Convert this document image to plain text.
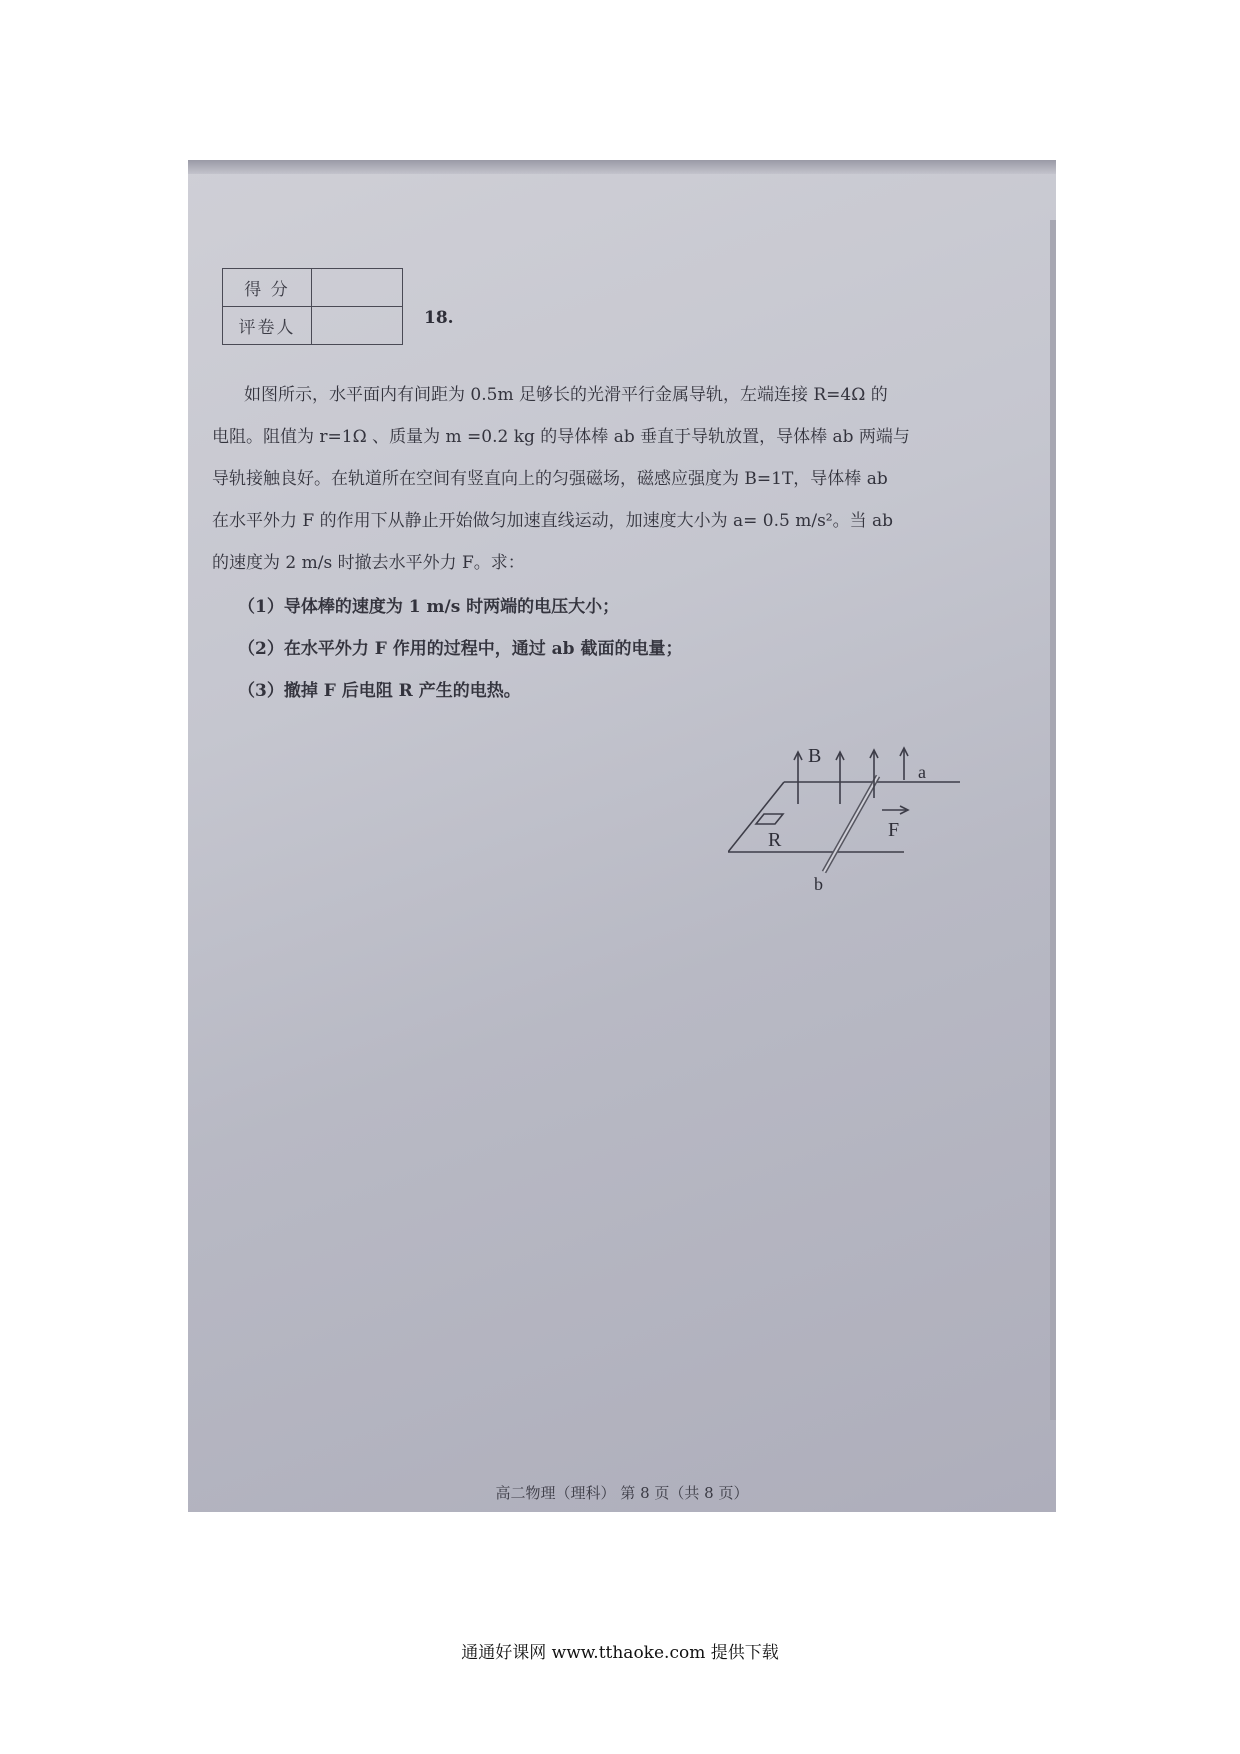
得 分	
评卷人		18.
如图所示，水平面内有间距为 0.5m 足够长的光滑平行金属导轨，左端连接 R=4Ω 的
电阻。阻值为 r=1Ω 、质量为 m =0.2 kg 的导体棒 ab 垂直于导轨放置，导体棒 ab 两端与
导轨接触良好。在轨道所在空间有竖直向上的匀强磁场，磁感应强度为 B=1T，导体棒 ab
在水平外力 F 的作用下从静止开始做匀加速直线运动，加速度大小为 a= 0.5 m/s²。当 ab
的速度为 2 m/s 时撤去水平外力 F。求：
（1）导体棒的速度为 1 m/s 时两端的电压大小；
（2）在水平外力 F 作用的过程中，通过 ab 截面的电量；
（3）撤掉 F 后电阻 R 产生的电热。
B
a
b
R	F
高二物理（理科） 第 8 页（共 8 页）
通通好课网 www.tthaoke.com 提供下载
